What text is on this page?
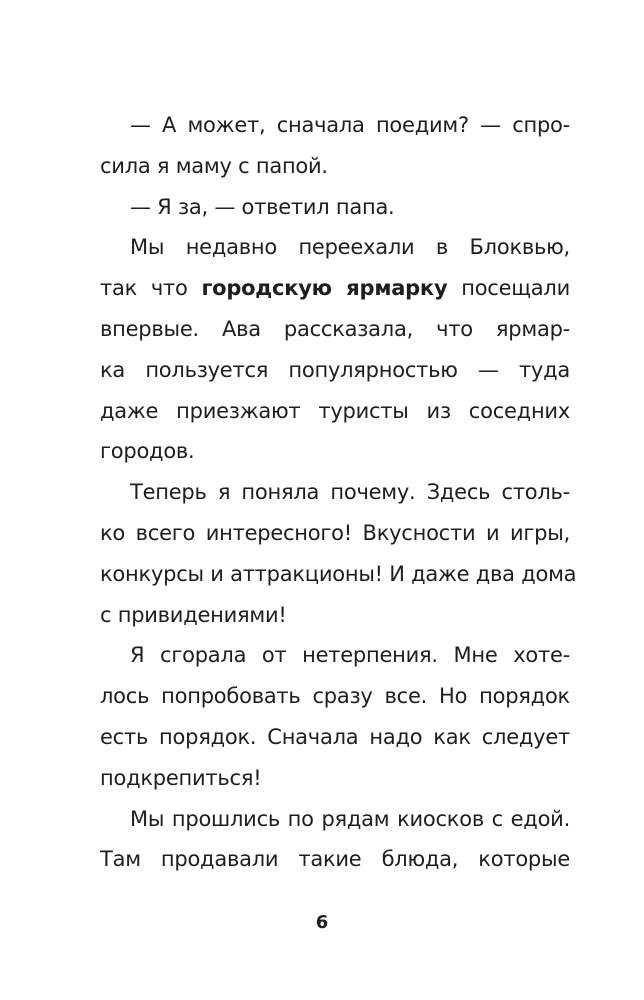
— А может, сначала поедим? — спро-
сила я маму с папой.
— Я за, — ответил папа.
Мы недавно переехали в Блоквью,
так что городскую ярмарку посещали
впервые. Ава рассказала, что ярмар-
ка пользуется популярностью — туда
даже приезжают туристы из соседних
городов.
Теперь я поняла почему. Здесь столь-
ко всего интересного! Вкусности и игры,
конкурсы и аттракционы! И даже два дома
с привидениями!
Я сгорала от нетерпения. Мне хоте-
лось попробовать сразу все. Но порядок
есть порядок. Сначала надо как следует
подкрепиться!
Мы прошлись по рядам киосков с едой.
Там продавали такие блюда, которые
6
